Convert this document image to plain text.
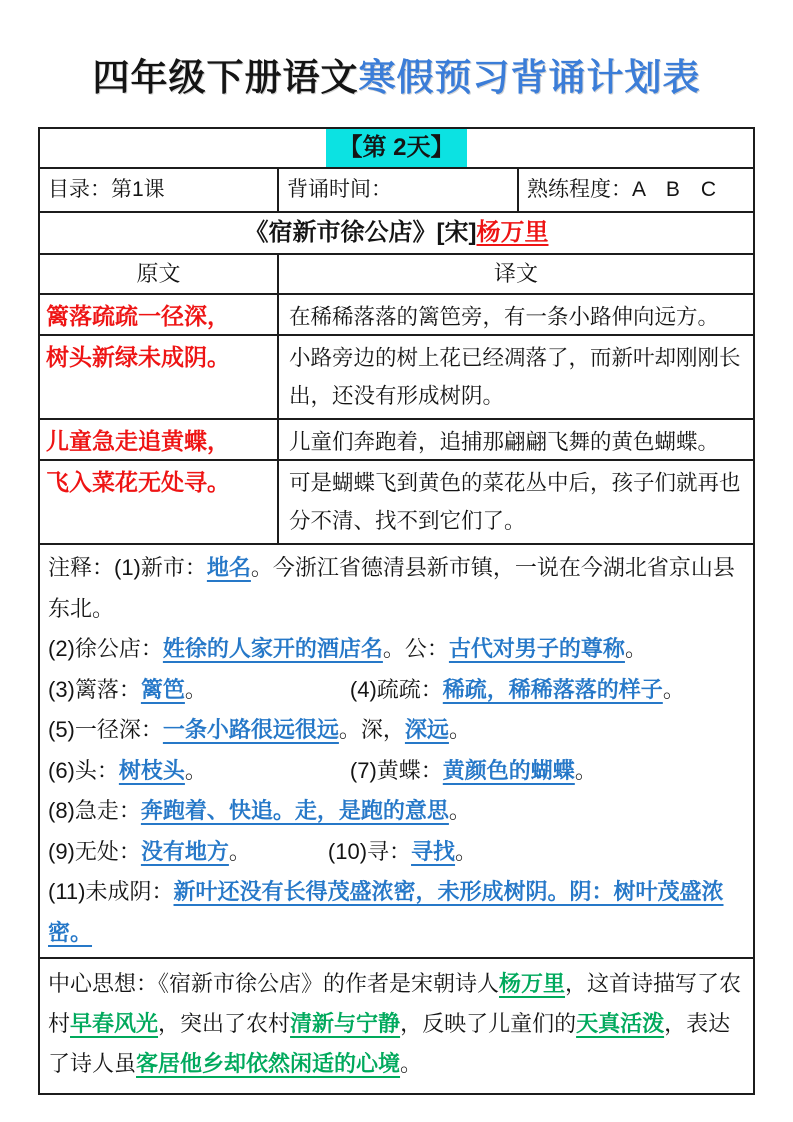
四年级下册语文寒假预习背诵计划表
【第 2天】
目录：第1课	背诵时间：	熟练程度：A　B　C
《宿新市徐公店》[宋]杨万里
原文	译文
篱落疏疏一径深，	在稀稀落落的篱笆旁，有一条小路伸向远方。
树头新绿未成阴。	小路旁边的树上花已经凋落了，而新叶却刚刚长出，还没有形成树阴。
儿童急走追黄蝶，	儿童们奔跑着，追捕那翩翩飞舞的黄色蝴蝶。
飞入菜花无处寻。	可是蝴蝶飞到黄色的菜花丛中后，孩子们就再也分不清、找不到它们了。

注释：(1)新市：地名。今浙江省德清县新市镇，一说在今湖北省京山县东北。

(2)徐公店：姓徐的人家开的酒店名。公：古代对男子的尊称。

(3)篱落：篱笆。　　　　　　　(4)疏疏：稀疏，稀稀落落的样子。

(5)一径深：一条小路很远很远。深，深远。

(6)头：树枝头。　　　　　　　(7)黄蝶：黄颜色的蝴蝶。

(8)急走：奔跑着、快追。走，是跑的意思。

(9)无处：没有地方。　　　　(10)寻：寻找。

(11)未成阴：新叶还没有长得茂盛浓密，未形成树阴。阴：树叶茂盛浓密。

中心思想：《宿新市徐公店》的作者是宋朝诗人杨万里，这首诗描写了农村早春风光，突出了农村清新与宁静，反映了儿童们的天真活泼，表达了诗人虽客居他乡却依然闲适的心境。
